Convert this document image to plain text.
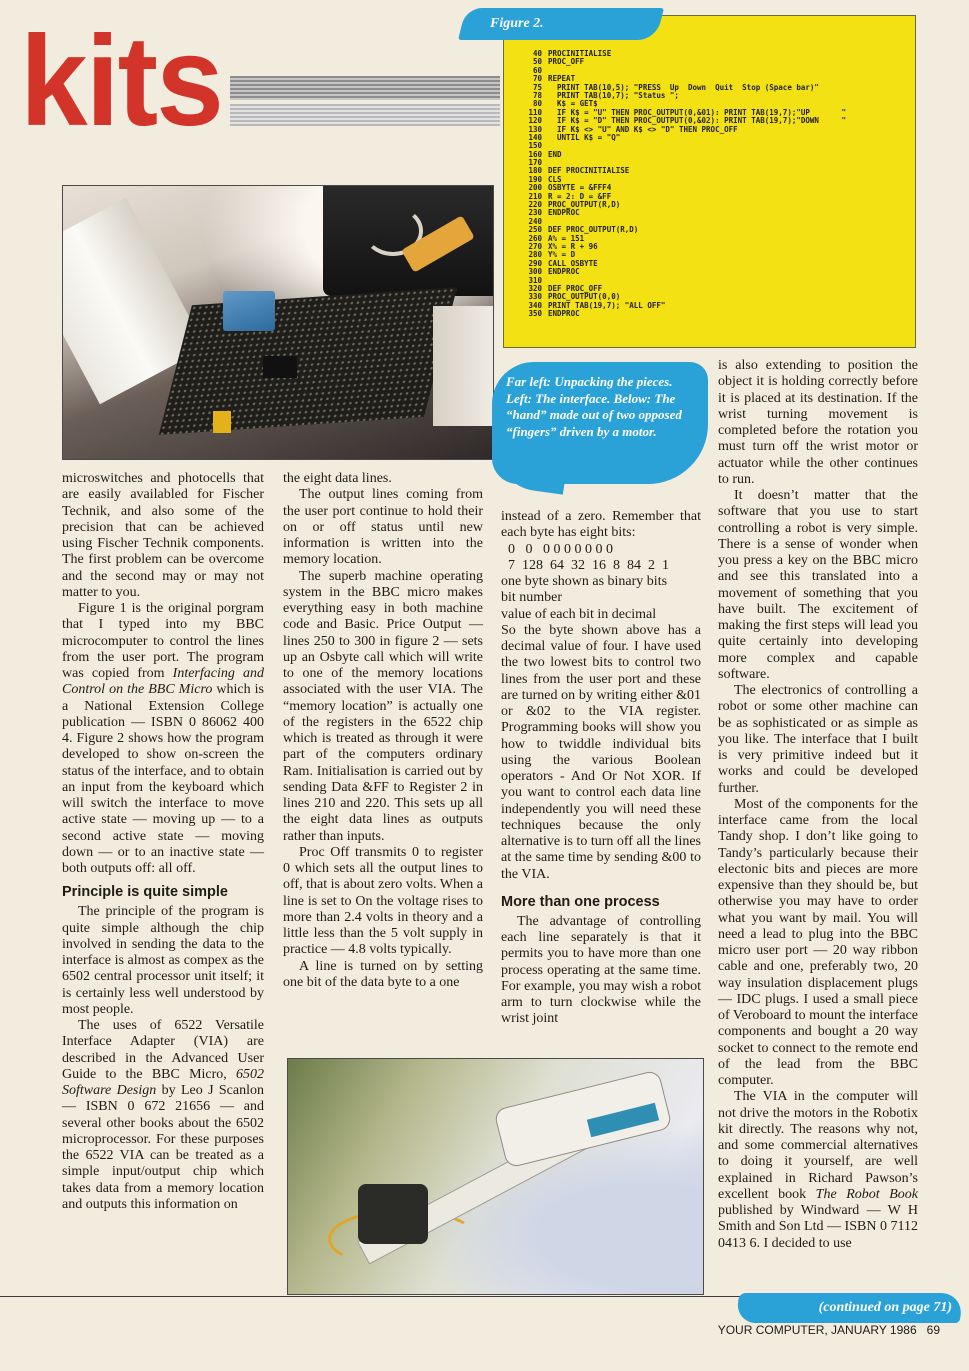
kits	Figure 2.
40 PROCINITIALISE
50 PROC_OFF
60
70 REPEAT
75  PRINT TAB(10,5); "PRESS  Up  Down  Quit  Stop (Space bar)"
78  PRINT TAB(10,7); "Status ";
80  K$ = GET$
110  IF K$ = "U" THEN PROC_OUTPUT(0,&01): PRINT TAB(19,7);"UP       "
120  IF K$ = "D" THEN PROC_OUTPUT(0,&02): PRINT TAB(19,7);"DOWN     "
130  IF K$ <> "U" AND K$ <> "D" THEN PROC_OFF
140  UNTIL K$ = "Q"
150
160 END
170
180 DEF PROCINITIALISE
190 CLS
200 OSBYTE = &FFF4
210 R = 2: D = &FF
220 PROC_OUTPUT(R,D)
230 ENDPROC
240
250 DEF PROC_OUTPUT(R,D)
260 A% = 151
270 X% = R + 96
280 Y% = D
290 CALL OSBYTE
300 ENDPROC
310
320 DEF PROC_OFF
330 PROC_OUTPUT(0,0)
340 PRINT TAB(19,7); "ALL OFF"
350 ENDPROC
Far left: Unpacking the pieces. Left: The interface. Below: The “hand” made out of two opposed “fingers” driven by a motor.

microswitches and photocells that are easily availabled for Fischer Technik, and also some of the precision that can be achieved using Fischer Technik components. The first problem can be overcome and the second may or may not matter to you.

Figure 1 is the original porgram that I typed into my BBC microcomputer to control the lines from the user port. The program was copied from Interfacing and Control on the BBC Micro which is a National Extension College publication — ISBN 0 86062 400 4. Figure 2 shows how the program developed to show on-screen the status of the interface, and to obtain an input from the keyboard which will switch the interface to move active state — moving up — to a second active state — moving down — or to an inactive state — both outputs off: all off.

Principle is quite simple

The principle of the program is quite simple although the chip involved in sending the data to the interface is almost as compex as the 6502 central processor unit itself; it is certainly less well understood by most people.

The uses of 6522 Versatile Interface Adapter (VIA) are described in the Advanced User Guide to the BBC Micro, 6502 Software Design by Leo J Scanlon — ISBN 0 672 21656 — and several other books about the 6502 microprocessor. For these purposes the 6522 VIA can be treated as a simple input/output chip which takes data from a memory location and outputs this information on

the eight data lines.

The output lines coming from the user port continue to hold their on or off status until new information is written into the memory location.

The superb machine operating system in the BBC micro makes everything easy in both machine code and Basic. Price Output — lines 250 to 300 in figure 2 — sets up an Osbyte call which will write to one of the memory locations associated with the user VIA. The “memory location” is actually one of the registers in the 6522 chip which is treated as through it were part of the computers ordinary Ram. Initialisation is carried out by sending Data &FF to Register 2 in lines 210 and 220. This sets up all the eight data lines as outputs rather than inputs.

Proc Off transmits 0 to register 0 which sets all the output lines to off, that is about zero volts. When a line is set to On the voltage rises to more than 2.4 volts in theory and a little less than the 5 volt supply in practice — 4.8 volts typically.

A line is turned on by setting one bit of the data byte to a one

instead of a zero. Remember that each byte has eight bits:

0   0   0 0 0 0 0 0 0
7  128  64  32  16  8  84  2  1
one byte shown as binary bits
bit number
value of each bit in decimal

So the byte shown above has a decimal value of four. I have used the two lowest bits to control two lines from the user port and these are turned on by writing either &01 or &02 to the VIA register. Programming books will show you how to twiddle individual bits using the various Boolean operators - And Or Not XOR. If you want to control each data line independently you will need these techniques because the only alternative is to turn off all the lines at the same time by sending &00 to the VIA.

More than one process

The advantage of controlling each line separately is that it permits you to have more than one process operating at the same time. For example, you may wish a robot arm to turn clockwise while the wrist joint

is also extending to position the object it is holding correctly before it is placed at its destination. If the wrist turning movement is completed before the rotation you must turn off the wrist motor or actuator while the other continues to run.

It doesn’t matter that the software that you use to start controlling a robot is very simple. There is a sense of wonder when you press a key on the BBC micro and see this translated into a movement of something that you have built. The excitement of making the first steps will lead you quite certainly into developing more complex and capable software.

The electronics of controlling a robot or some other machine can be as sophisticated or as simple as you like. The interface that I built is very primitive indeed but it works and could be developed further.

Most of the components for the interface came from the local Tandy shop. I don’t like going to Tandy’s particularly because their electonic bits and pieces are more expensive than they should be, but otherwise you may have to order what you want by mail. You will need a lead to plug into the BBC micro user port — 20 way ribbon cable and one, preferably two, 20 way insulation displacement plugs — IDC plugs. I used a small piece of Veroboard to mount the interface components and bought a 20 way socket to connect to the remote end of the lead from the BBC computer.

The VIA in the computer will not drive the motors in the Robotix kit directly. The reasons why not, and some commercial alternatives to doing it yourself, are well explained in Richard Pawson’s excellent book The Robot Book published by Windward — W H Smith and Son Ltd — ISBN 0 7112 0413 6. I decided to use

(continued on page 71)
YOUR COMPUTER, JANUARY 1986 69
